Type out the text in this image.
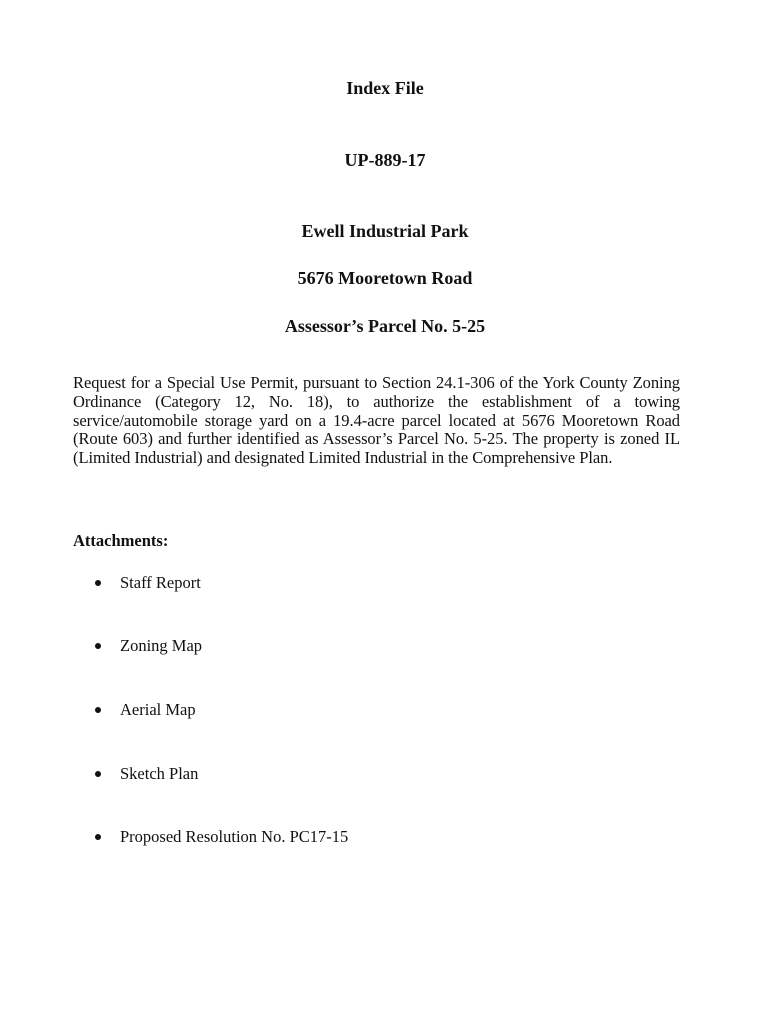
Index File
UP-889-17
Ewell Industrial Park
5676 Mooretown Road
Assessor’s Parcel No. 5-25

Request for a Special Use Permit, pursuant to Section 24.1-306 of the York County Zoning Ordinance (Category 12, No. 18), to authorize the establishment of a towing service/automobile storage yard on a 19.4-acre parcel located at 5676 Mooretown Road (Route 603) and further identified as Assessor’s Parcel No. 5-25. The property is zoned IL (Limited Industrial) and designated Limited Industrial in the Comprehensive Plan.

Attachments:

Staff Report
Zoning Map
Aerial Map
Sketch Plan
Proposed Resolution No. PC17-15
